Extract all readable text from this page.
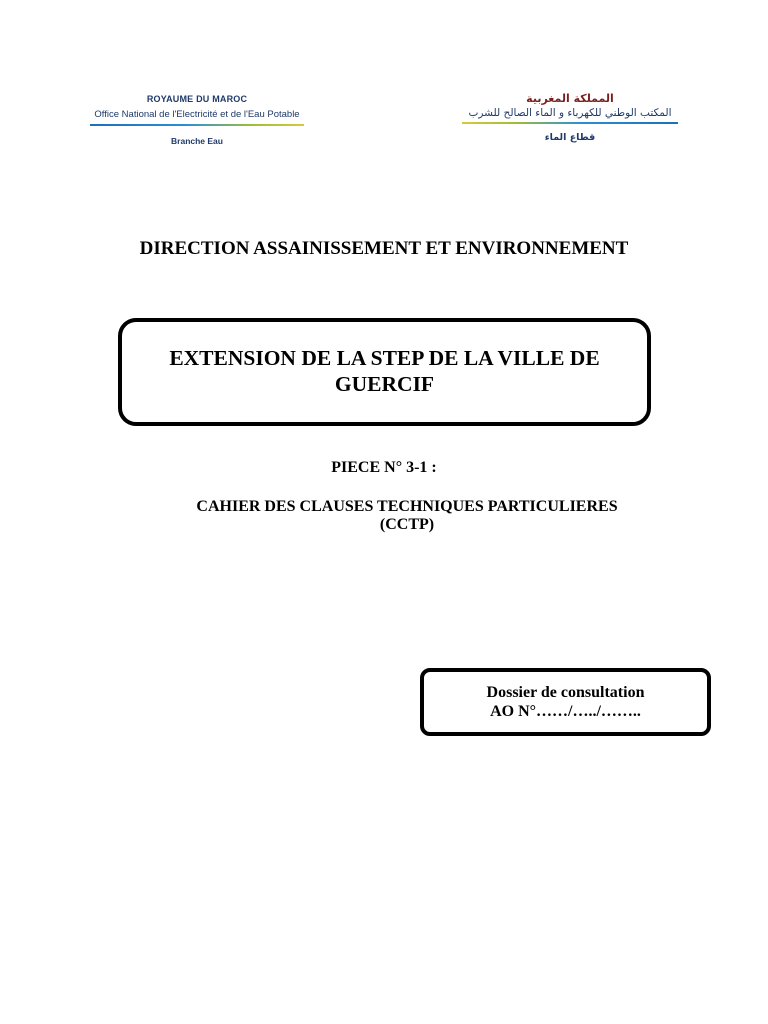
ROYAUME DU MAROC
Office National de l'Electricité et de l'Eau Potable
Branche Eau
المملكة المغربية
المكتب الوطني للكهرباء و الماء الصالح للشرب
قطاع الماء
DIRECTION ASSAINISSEMENT ET ENVIRONNEMENT
EXTENSION DE LA STEP DE LA VILLE DE GUERCIF
PIECE N° 3-1 :
CAHIER DES CLAUSES TECHNIQUES PARTICULIERES
(CCTP)
Dossier de consultation
AO N°……/…../……..
